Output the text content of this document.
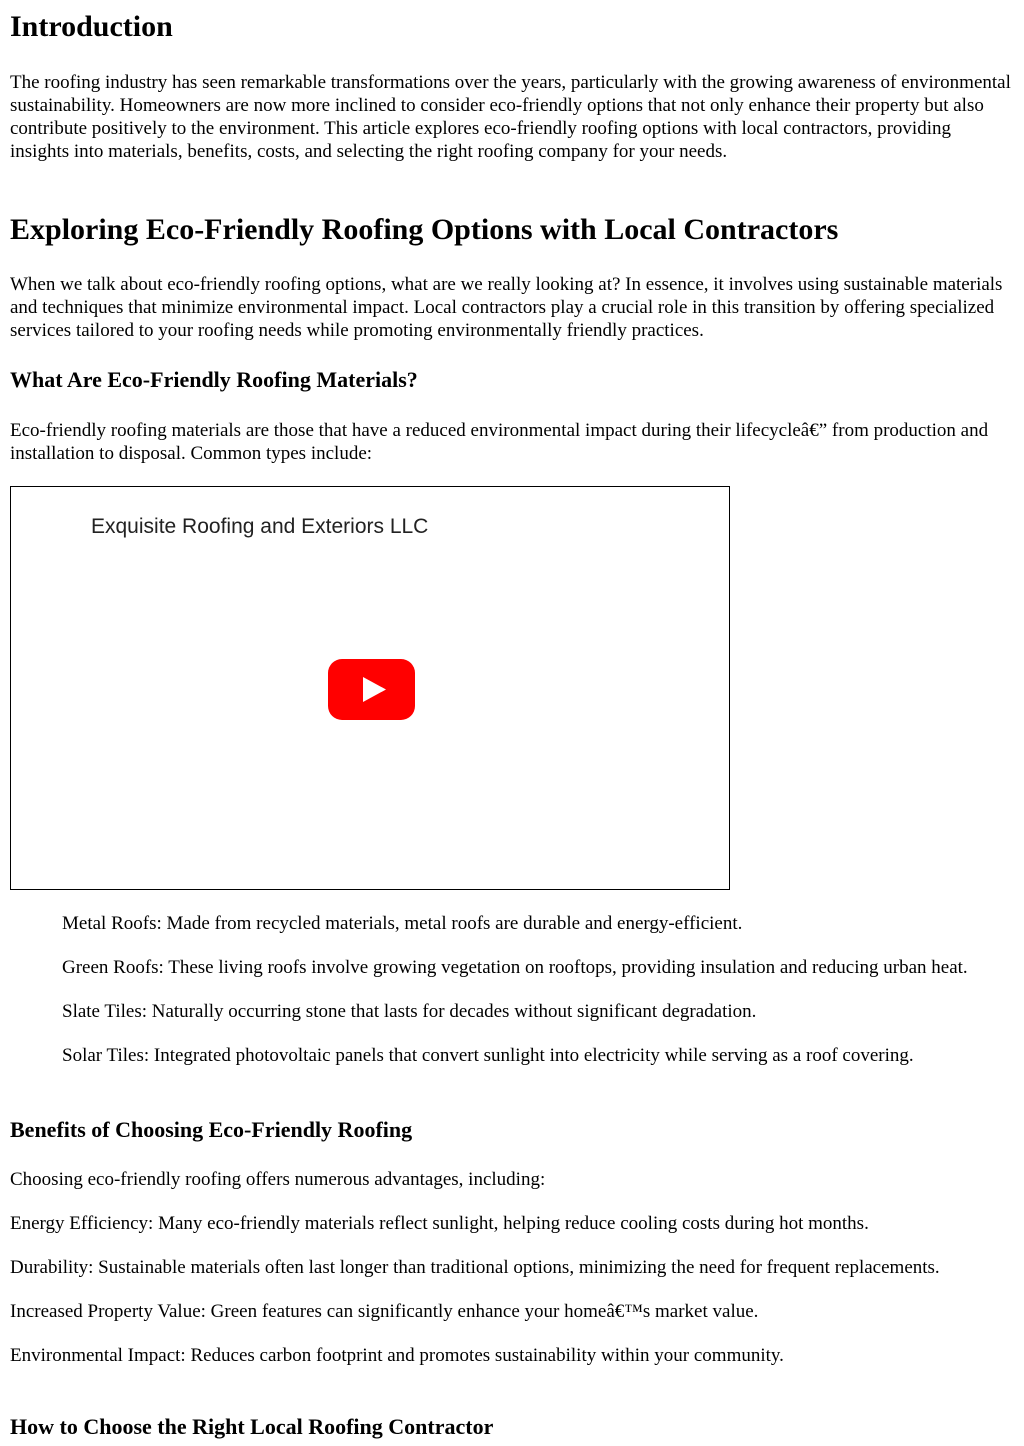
Introduction

The roofing industry has seen remarkable transformations over the years, particularly with the growing awareness of environmental sustainability. Homeowners are now more inclined to consider eco-friendly options that not only enhance their property but also contribute positively to the environment. This article explores eco-friendly roofing options with local contractors, providing insights into materials, benefits, costs, and selecting the right roofing company for your needs.

Exploring Eco-Friendly Roofing Options with Local Contractors

When we talk about eco-friendly roofing options, what are we really looking at? In essence, it involves using sustainable materials and techniques that minimize environmental impact. Local contractors play a crucial role in this transition by offering specialized services tailored to your roofing needs while promoting environmentally friendly practices.

What Are Eco-Friendly Roofing Materials?

Eco-friendly roofing materials are those that have a reduced environmental impact during their lifecycleâ€” from production and installation to disposal. Common types include:

Exquisite Roofing and Exteriors LLC

Metal Roofs: Made from recycled materials, metal roofs are durable and energy-efficient.

Green Roofs: These living roofs involve growing vegetation on rooftops, providing insulation and reducing urban heat.

Slate Tiles: Naturally occurring stone that lasts for decades without significant degradation.

Solar Tiles: Integrated photovoltaic panels that convert sunlight into electricity while serving as a roof covering.

Benefits of Choosing Eco-Friendly Roofing

Choosing eco-friendly roofing offers numerous advantages, including:

Energy Efficiency: Many eco-friendly materials reflect sunlight, helping reduce cooling costs during hot months.

Durability: Sustainable materials often last longer than traditional options, minimizing the need for frequent replacements.

Increased Property Value: Green features can significantly enhance your homeâ€™s market value.

Environmental Impact: Reduces carbon footprint and promotes sustainability within your community.

How to Choose the Right Local Roofing Contractor
